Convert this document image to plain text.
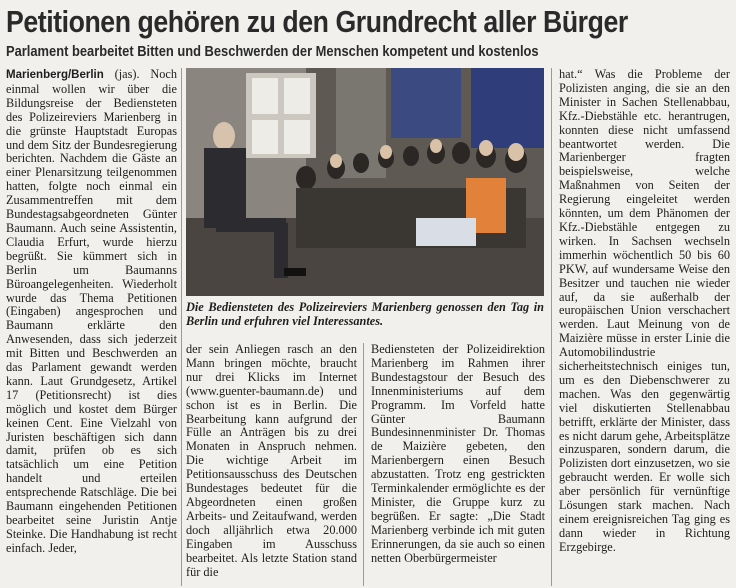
Petitionen gehören zu den Grundrecht aller Bürger
Parlament bearbeitet Bitten und Beschwerden der Menschen kompetent und kostenlos
Marienberg/Berlin (jas). Noch einmal wollen wir über die Bildungsreise der Bediensteten des Polizeireviers Marienberg in die grünste Hauptstadt Europas und dem Sitz der Bundesregierung berichten. Nachdem die Gäste an einer Plenarsitzung teilgenommen hatten, folgte noch einmal ein Zusammentreffen mit dem Bundestagsabgeordneten Günter Baumann. Auch seine Assistentin, Claudia Erfurt, wurde hierzu begrüßt. Sie kümmert sich in Berlin um Baumanns Büroangelegenheiten. Wiederholt wurde das Thema Petitionen (Eingaben) angesprochen und Baumann erklärte den Anwesenden, dass sich jederzeit mit Bitten und Beschwerden an das Parlament gewandt werden kann. Laut Grundgesetz, Artikel 17 (Petitionsrecht) ist dies möglich und kostet dem Bürger keinen Cent. Eine Vielzahl von Juristen beschäftigen sich dann damit, prüfen ob es sich tatsächlich um eine Petition handelt und erteilen entsprechende Ratschläge. Die bei Baumann eingehenden Petitionen bearbeitet seine Juristin Antje Steinke. Die Handhabung ist recht einfach. Jeder,
Die Bediensteten des Polizeireviers Marienberg genossen den Tag in Berlin und erfuhren viel Interessantes.
der sein Anliegen rasch an den Mann bringen möchte, braucht nur drei Klicks im Internet (www.guenter-baumann.de) und schon ist es in Berlin. Die Bearbeitung kann aufgrund der Fülle an Anträgen bis zu drei Monaten in Anspruch nehmen. Die wichtige Arbeit im Petitionsausschuss des Deutschen Bundestages bedeutet für die Abgeordneten einen großen Arbeits- und Zeitaufwand, werden doch alljährlich etwa 20.000 Eingaben im Ausschuss bearbeitet. Als letzte Station stand für die
Bediensteten der Polizeidirektion Marienberg im Rahmen ihrer Bundestagstour der Besuch des Innenministeriums auf dem Programm. Im Vorfeld hatte Günter Baumann Bundesinnenminister Dr. Thomas de Maizière gebeten, den Marienbergern einen Besuch abzustatten. Trotz eng gestrickten Terminkalender ermöglichte es der Minister, die Gruppe kurz zu begrüßen. Er sagte: „Die Stadt Marienberg verbinde ich mit guten Erinnerungen, da sie auch so einen netten Oberbürgermeister
hat.“ Was die Probleme der Polizisten anging, die sie an den Minister in Sachen Stellenabbau, Kfz.-Diebstähle etc. herantrugen, konnten diese nicht umfassend beantwortet werden. Die Marienberger fragten beispielsweise, welche Maßnahmen von Seiten der Regierung eingeleitet werden könnten, um dem Phänomen der Kfz.-Diebstähle entgegen zu wirken. In Sachsen wechseln immerhin wöchentlich 50 bis 60 PKW, auf wundersame Weise den Besitzer und tauchen nie wieder auf, da sie außerhalb der europäischen Union verschachert werden. Laut Meinung von de Maizière müsse in erster Linie die Automobilindustrie sicherheitstechnisch einiges tun, um es den Diebenschwerer zu machen. Was den gegenwärtig viel diskutierten Stellenabbau betrifft, erklärte der Minister, dass es nicht darum gehe, Arbeitsplätze einzusparen, sondern darum, die Polizisten dort einzusetzen, wo sie gebraucht werden. Er wolle sich aber persönlich für vernünftige Lösungen stark machen. Nach einem ereignisreichen Tag ging es dann wieder in Richtung Erzgebirge.
